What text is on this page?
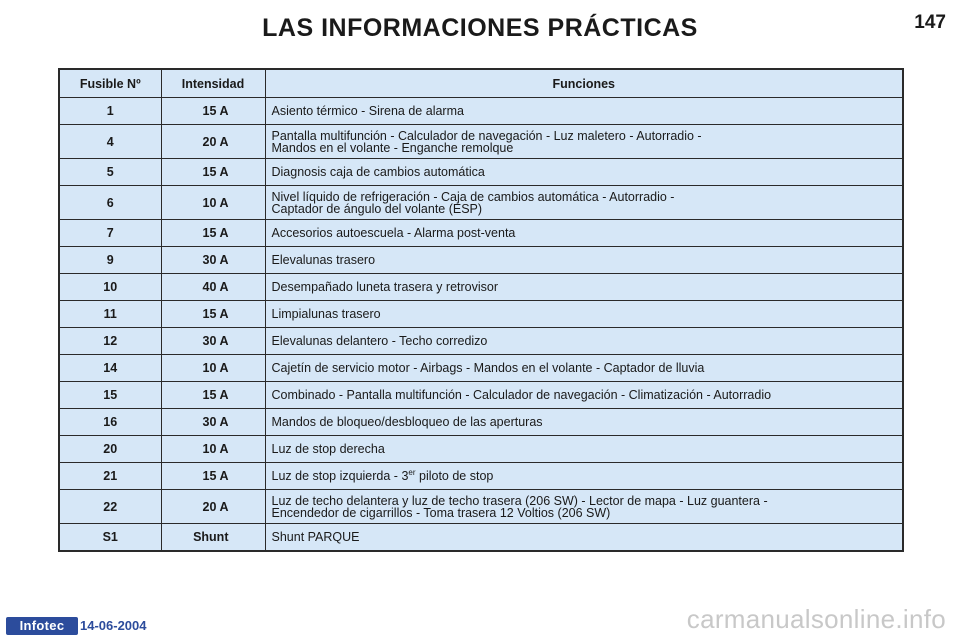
LAS INFORMACIONES PRÁCTICAS	147
Fusible Nº	Intensidad	Funciones
1	15 A	Asiento térmico - Sirena de alarma

4	20 A	Pantalla multifunción - Calculador de navegación - Luz maletero - Autorradio -
Mandos en el volante - Enganche remolque

5	15 A	Diagnosis caja de cambios automática

6	10 A	Nivel líquido de refrigeración - Caja de cambios automática - Autorradio -
Captador de ángulo del volante (ESP)

7	15 A	Accesorios autoescuela - Alarma post-venta

9	30 A	Elevalunas trasero

10	40 A	Desempañado luneta trasera y retrovisor

11	15 A	Limpialunas trasero

12	30 A	Elevalunas delantero - Techo corredizo

14	10 A	Cajetín de servicio motor - Airbags - Mandos en el volante - Captador de lluvia

15	15 A	Combinado - Pantalla multifunción - Calculador de navegación - Climatización - Autorradio

16	30 A	Mandos de bloqueo/desbloqueo de las aperturas

20	10 A	Luz de stop derecha

21	15 A	Luz de stop izquierda - 3er piloto de stop

22	20 A	Luz de techo delantera y luz de techo trasera (206 SW) - Lector de mapa - Luz guantera -
Encendedor de cigarrillos - Toma trasera 12 Voltios (206 SW)

S1	Shunt	Shunt PARQUE
Infotec	14-06-2004	carmanualsonline.info
